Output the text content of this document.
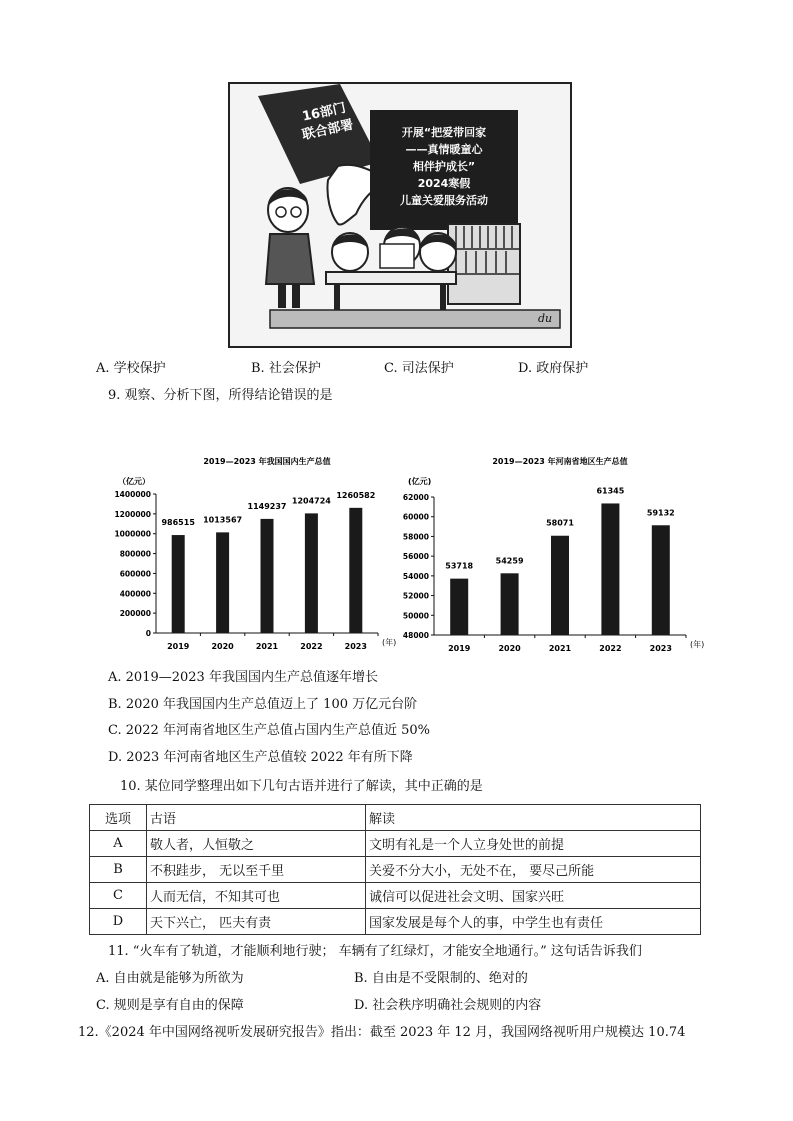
16部门
联合部署	开展“把爱带回家
——真情暖童心
相伴护成长”
2024寒假
儿童关爱服务活动
du
A. 学校保护	B. 社会保护	C. 司法保护	D. 政府保护
9. 观察、分析下图，所得结论错误的是
2019—2023 年我国国内生产总值
（亿元）
0
200000
400000
600000
800000
1000000
1200000
1400000
986515
2019
1013567
2020
1149237
2021
1204724
2022
1260582
2023 (年)
2019—2023 年河南省地区生产总值
(亿元)
48000
50000
52000
54000
56000
58000
60000
62000
53718
2019
54259
2020
58071
2021
61345
2022
59132
2023 (年)
A. 2019—2023 年我国国内生产总值逐年增长
B. 2020 年我国国内生产总值迈上了 100 万亿元台阶
C. 2022 年河南省地区生产总值占国内生产总值近 50%
D. 2023 年河南省地区生产总值较 2022 年有所下降
10. 某位同学整理出如下几句古语并进行了解读，其中正确的是
选项	古语	解读
A	敬人者，人恒敬之	文明有礼是一个人立身处世的前提
B	不积跬步， 无以至千里	关爱不分大小，无处不在， 要尽己所能
C	人而无信，不知其可也	诚信可以促进社会文明、国家兴旺
D	天下兴亡， 匹夫有责	国家发展是每个人的事，中学生也有责任
11. “火车有了轨道，才能顺利地行驶； 车辆有了红绿灯，才能安全地通行。” 这句话告诉我们
A. 自由就是能够为所欲为	B. 自由是不受限制的、绝对的
C. 规则是享有自由的保障	D. 社会秩序明确社会规则的内容
12.《2024 年中国网络视听发展研究报告》指出：截至 2023 年 12 月，我国网络视听用户规模达 10.74
